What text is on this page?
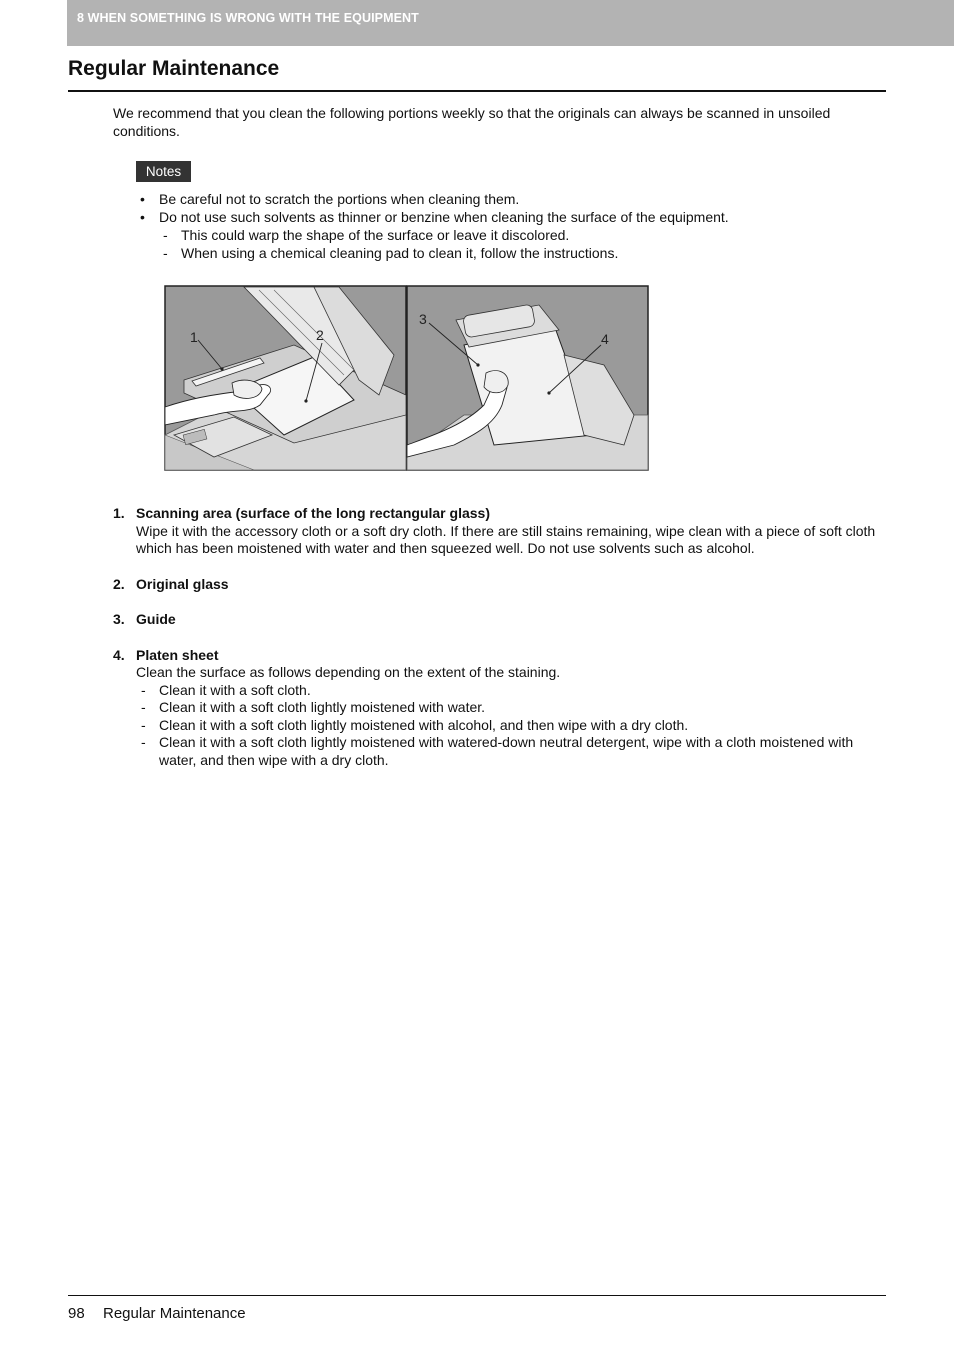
8 WHEN SOMETHING IS WRONG WITH THE EQUIPMENT
Regular Maintenance

We recommend that you clean the following portions weekly so that the originals can always be scanned in unsoiled conditions.

Notes
• Be careful not to scratch the portions when cleaning them.
• Do not use such solvents as thinner or benzine when cleaning the surface of the equipment.
- This could warp the shape of the surface or leave it discolored.
- When using a chemical cleaning pad to clean it, follow the instructions.
1	2
3
4
1. Scanning area (surface of the long rectangular glass)
Wipe it with the accessory cloth or a soft dry cloth. If there are still stains remaining, wipe clean with a piece of soft cloth which has been moistened with water and then squeezed well. Do not use solvents such as alcohol.
2. Original glass
3. Guide
4. Platen sheet
Clean the surface as follows depending on the extent of the staining.
- Clean it with a soft cloth.
- Clean it with a soft cloth lightly moistened with water.
- Clean it with a soft cloth lightly moistened with alcohol, and then wipe with a dry cloth.
- Clean it with a soft cloth lightly moistened with watered-down neutral detergent, wipe with a cloth moistened with water, and then wipe with a dry cloth.
98 Regular Maintenance
